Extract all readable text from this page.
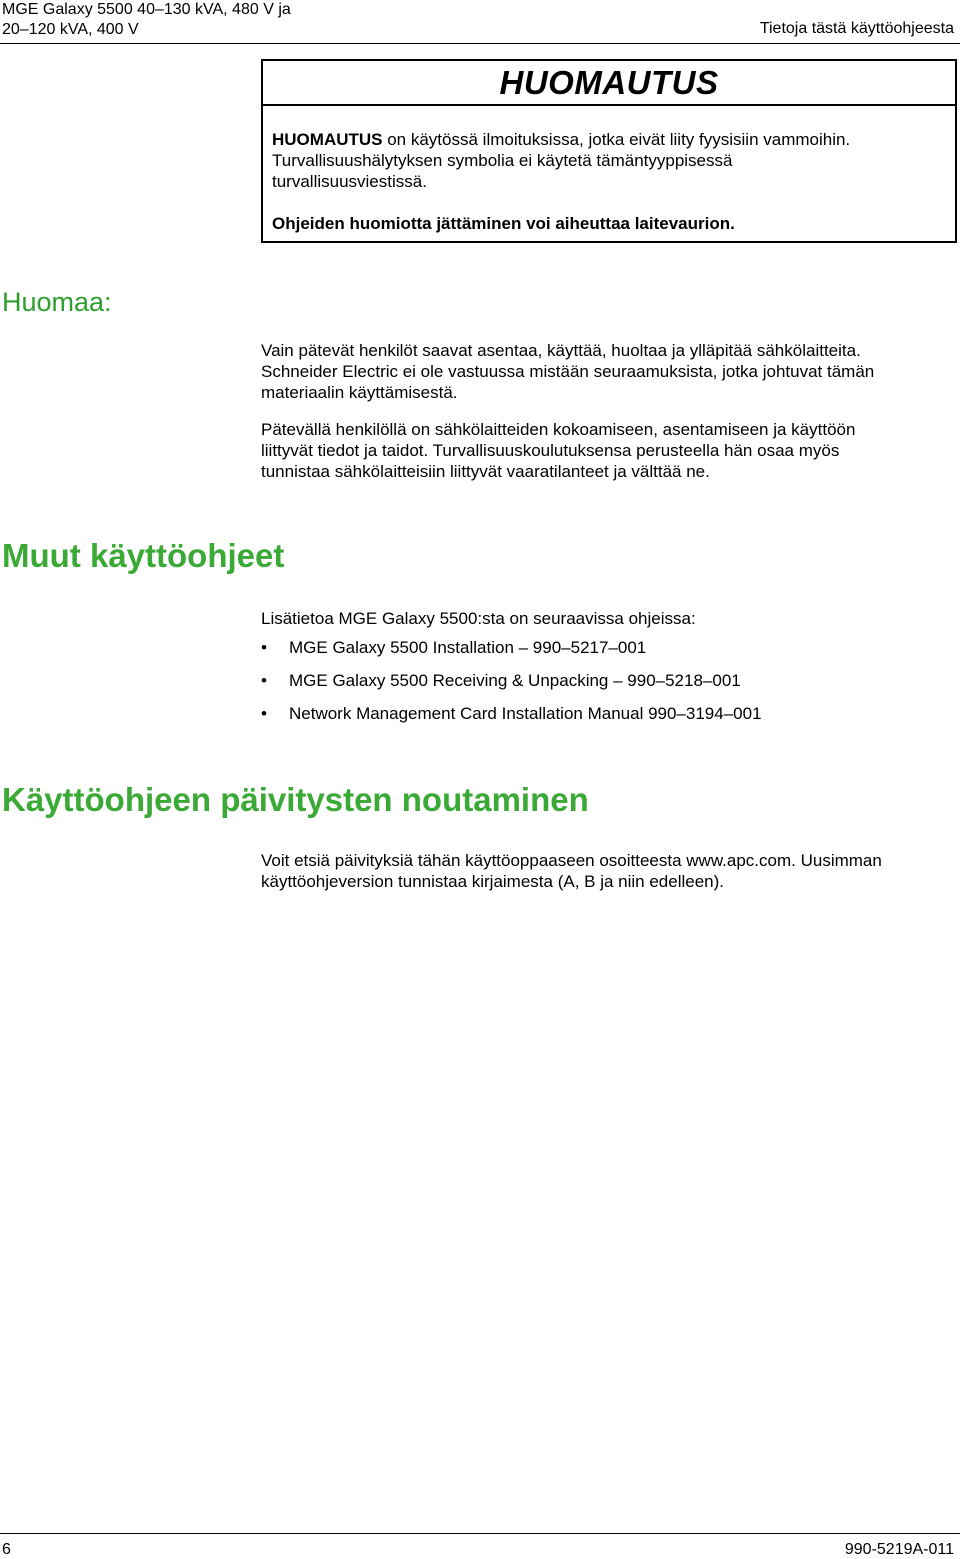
MGE Galaxy 5500 40–130 kVA, 480 V ja
20–120 kVA, 400 V	Tietoja tästä käyttöohjeesta
HUOMAUTUS
HUOMAUTUS on käytössä ilmoituksissa, jotka eivät liity fyysisiin vammoihin.
Turvallisuushälytyksen symbolia ei käytetä tämäntyyppisessä
turvallisuusviestissä.
Ohjeiden huomiotta jättäminen voi aiheuttaa laitevaurion.
Huomaa:
Vain pätevät henkilöt saavat asentaa, käyttää, huoltaa ja ylläpitää sähkölaitteita.
Schneider Electric ei ole vastuussa mistään seuraamuksista, jotka johtuvat tämän
materiaalin käyttämisestä.
Pätevällä henkilöllä on sähkölaitteiden kokoamiseen, asentamiseen ja käyttöön
liittyvät tiedot ja taidot. Turvallisuuskoulutuksensa perusteella hän osaa myös
tunnistaa sähkölaitteisiin liittyvät vaaratilanteet ja välttää ne.
Muut käyttöohjeet
Lisätietoa MGE Galaxy 5500:sta on seuraavissa ohjeissa:
• MGE Galaxy 5500 Installation – 990–5217–001
• MGE Galaxy 5500 Receiving & Unpacking – 990–5218–001
• Network Management Card Installation Manual 990–3194–001
Käyttöohjeen päivitysten noutaminen
Voit etsiä päivityksiä tähän käyttöoppaaseen osoitteesta www.apc.com. Uusimman
käyttöohjeversion tunnistaa kirjaimesta (A, B ja niin edelleen).
6	990-5219A-011
